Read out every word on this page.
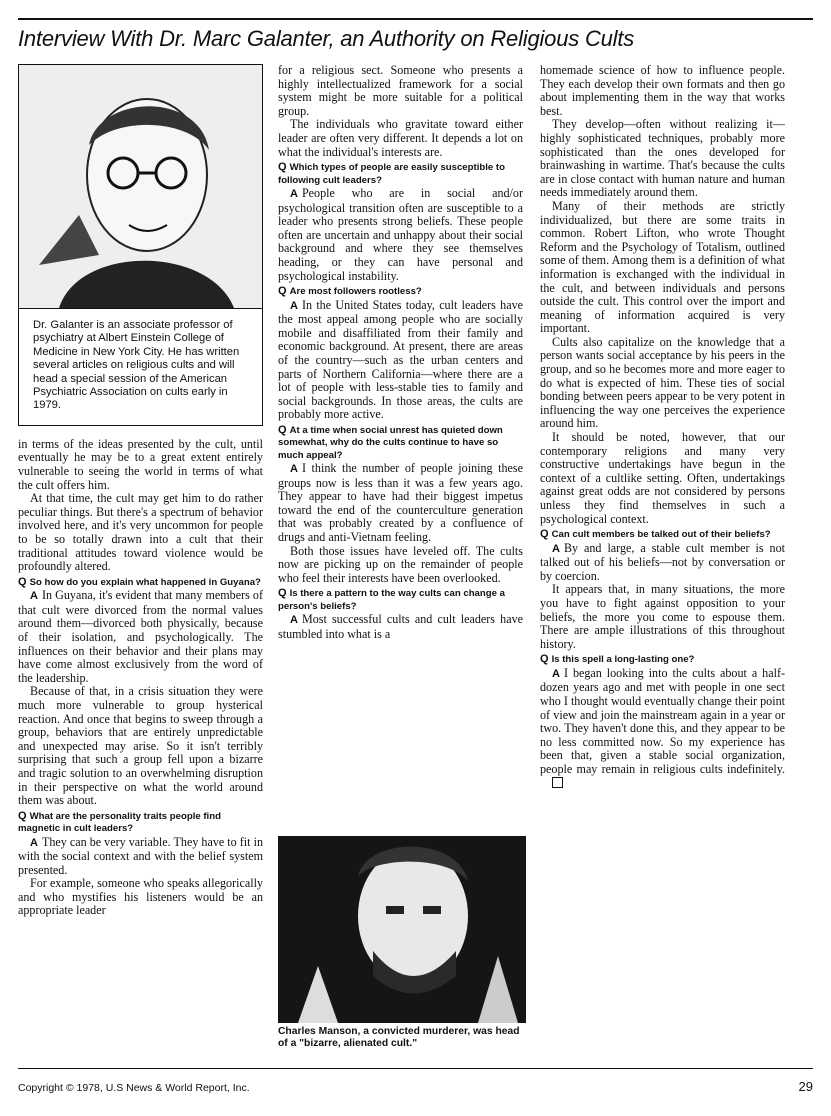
Interview With Dr. Marc Galanter, an Authority on Religious Cults
Dr. Galanter is an associate professor of psychiatry at Albert Einstein College of Medicine in New York City. He has written several articles on religious cults and will head a special session of the American Psychiatric Association on cults early in 1979.

in terms of the ideas presented by the cult, until eventually he may be to a great extent entirely vulnerable to seeing the world in terms of what the cult offers him.

At that time, the cult may get him to do rather peculiar things. But there's a spectrum of behavior involved here, and it's very uncommon for people to be so totally drawn into a cult that their traditional attitudes toward violence would be profoundly altered.

Q So how do you explain what happened in Guyana?

A In Guyana, it's evident that many members of that cult were divorced from the normal values around them—divorced both physically, because of their isolation, and psychologically. The influences on their behavior and their plans may have come almost exclusively from the word of the leadership.

Because of that, in a crisis situation they were much more vulnerable to group hysterical reaction. And once that begins to sweep through a group, behaviors that are entirely unpredictable and unexpected may arise. So it isn't terribly surprising that such a group fell upon a bizarre and tragic solution to an overwhelming disruption in their perspective on what the world around them was about.

Q What are the personality traits people find magnetic in cult leaders?

A They can be very variable. They have to fit in with the social context and with the belief system presented.

For example, someone who speaks allegorically and who mystifies his listeners would be an appropriate leader

for a religious sect. Someone who presents a highly intellectualized framework for a social system might be more suitable for a political group.

The individuals who gravitate toward either leader are often very different. It depends a lot on what the individual's interests are.

Q Which types of people are easily susceptible to following cult leaders?

A People who are in social and/or psychological transition often are susceptible to a leader who presents strong beliefs. These people often are uncertain and unhappy about their social background and where they see themselves heading, or they can have personal and psychological instability.

Q Are most followers rootless?

A In the United States today, cult leaders have the most appeal among people who are socially mobile and disaffiliated from their family and economic background. At present, there are areas of the country—such as the urban centers and parts of Northern California—where there are a lot of people with less-stable ties to family and social backgrounds. In those areas, the cults are probably more active.

Q At a time when social unrest has quieted down somewhat, why do the cults continue to have so much appeal?

A I think the number of people joining these groups now is less than it was a few years ago. They appear to have had their biggest impetus toward the end of the counterculture generation that was probably created by a confluence of drugs and anti-Vietnam feeling.

Both those issues have leveled off. The cults now are picking up on the remainder of people who feel their interests have been overlooked.

Q Is there a pattern to the way cults can change a person's beliefs?

A Most successful cults and cult leaders have stumbled into what is a

homemade science of how to influence people. They each develop their own formats and then go about implementing them in the way that works best.

They develop—often without realizing it—highly sophisticated techniques, probably more sophisticated than the ones developed for brainwashing in wartime. That's because the cults are in close contact with human nature and human needs immediately around them.

Many of their methods are strictly individualized, but there are some traits in common. Robert Lifton, who wrote Thought Reform and the Psychology of Totalism, outlined some of them. Among them is a definition of what information is exchanged with the individual in the cult, and between individuals and persons outside the cult. This control over the import and meaning of information acquired is very important.

Cults also capitalize on the knowledge that a person wants social acceptance by his peers in the group, and so he becomes more and more eager to do what is expected of him. These ties of social bonding between peers appear to be very potent in influencing the way one perceives the experience around him.

It should be noted, however, that our contemporary religions and many very constructive undertakings have begun in the context of a cultlike setting. Often, undertakings against great odds are not considered by persons unless they find themselves in such a psychological context.

Q Can cult members be talked out of their beliefs?

A By and large, a stable cult member is not talked out of his beliefs—not by conversation or by coercion.

It appears that, in many situations, the more you have to fight against opposition to your beliefs, the more you come to espouse them. There are ample illustrations of this throughout history.

Q Is this spell a long-lasting one?

A I began looking into the cults about a half-dozen years ago and met with people in one sect who I thought would eventually change their point of view and join the mainstream again in a year or two. They haven't done this, and they appear to be no less committed now. So my experience has been that, given a stable social organization, people may remain in religious cults indefinitely.

Charles Manson, a convicted murderer, was head of a "bizarre, alienated cult."
Copyright © 1978, U.S News & World Report, Inc.	29
